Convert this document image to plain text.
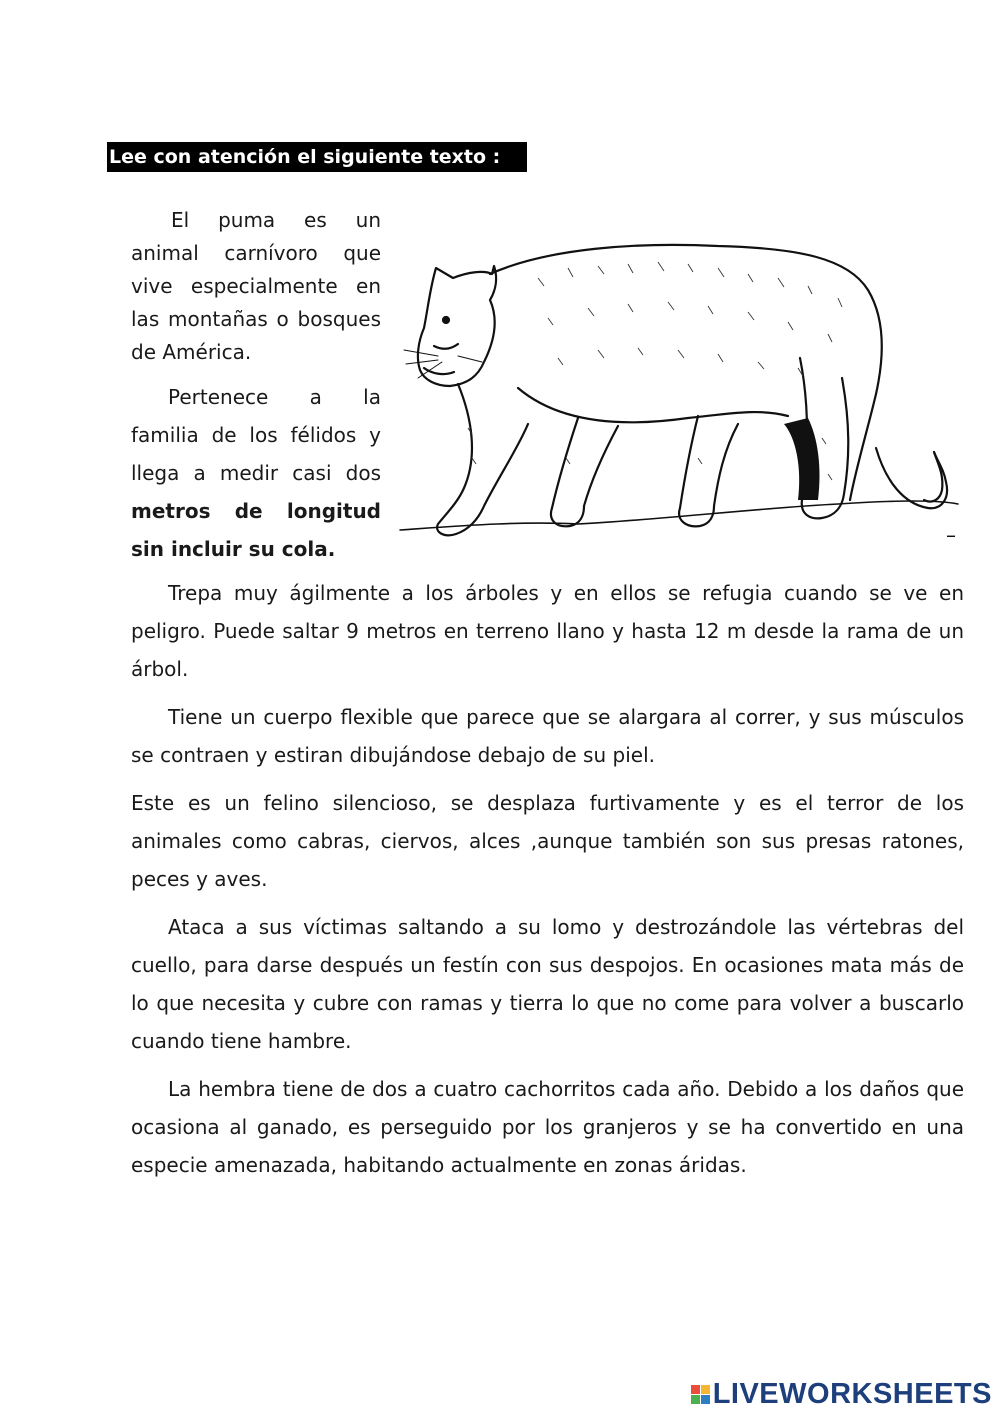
Lee con atención el siguiente texto :

El puma es un animal carnívoro que vive especialmente en las montañas o bosques de América.

Pertenece a la familia de los félidos y llega a medir casi dos metros de longitud sin incluir su cola.

–

Trepa muy ágilmente a los árboles y en ellos se refugia cuando se ve en peligro. Puede saltar 9 metros en terreno llano y hasta 12 m desde la rama de un árbol.

Tiene un cuerpo flexible que parece que se alargara al correr, y sus músculos se contraen y estiran dibujándose debajo de su piel.

Este es un felino silencioso, se desplaza furtivamente y es el terror de los animales como cabras, ciervos, alces ,aunque también son sus presas ratones, peces y aves.

Ataca a sus víctimas saltando a su lomo y destrozándole las vértebras del cuello, para darse después un festín con sus despojos. En ocasiones mata más de lo que necesita y cubre con ramas y tierra lo que no come para volver a buscarlo cuando tiene hambre.

La hembra tiene de dos a cuatro cachorritos cada año. Debido a los daños que ocasiona al ganado, es perseguido por los granjeros y se ha convertido en una especie amenazada, habitando actualmente en zonas áridas.

LIVEWORKSHEETS
